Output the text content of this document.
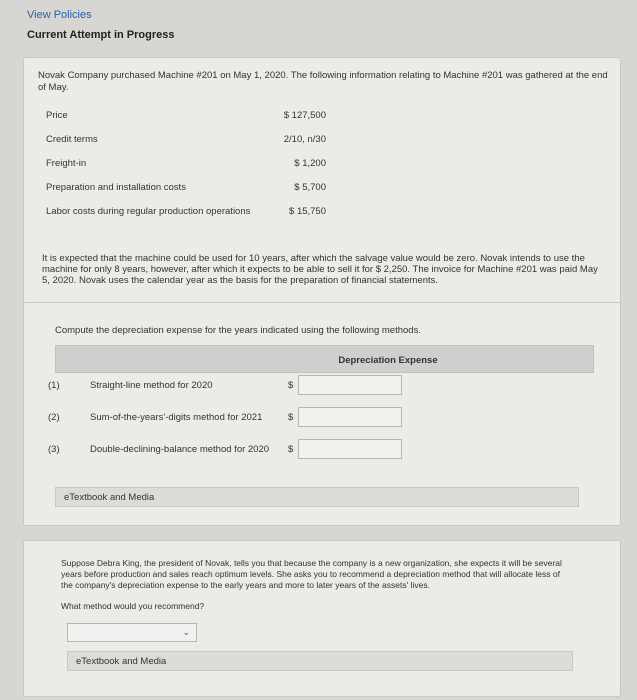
View Policies
Current Attempt in Progress
Novak Company purchased Machine #201 on May 1, 2020. The following information relating to Machine #201 was gathered at the end of May.
Price	$ 127,500
Credit terms	2/10, n/30
Freight-in	$ 1,200
Preparation and installation costs	$ 5,700
Labor costs during regular production operations	$ 15,750
It is expected that the machine could be used for 10 years, after which the salvage value would be zero. Novak intends to use the machine for only 8 years, however, after which it expects to be able to sell it for $ 2,250. The invoice for Machine #201 was paid May 5, 2020. Novak uses the calendar year as the basis for the preparation of financial statements.
Compute the depreciation expense for the years indicated using the following methods.
Depreciation Expense
(1)	Straight-line method for 2020	$
(2)	Sum-of-the-years'-digits method for 2021	$
(3)	Double-declining-balance method for 2020 $
eTextbook and Media
Suppose Debra King, the president of Novak, tells you that because the company is a new organization, she expects it will be several years before production and sales reach optimum levels. She asks you to recommend a depreciation method that will allocate less of the company's depreciation expense to the early years and more to later years of the assets' lives.
What method would you recommend?
⌄
eTextbook and Media
